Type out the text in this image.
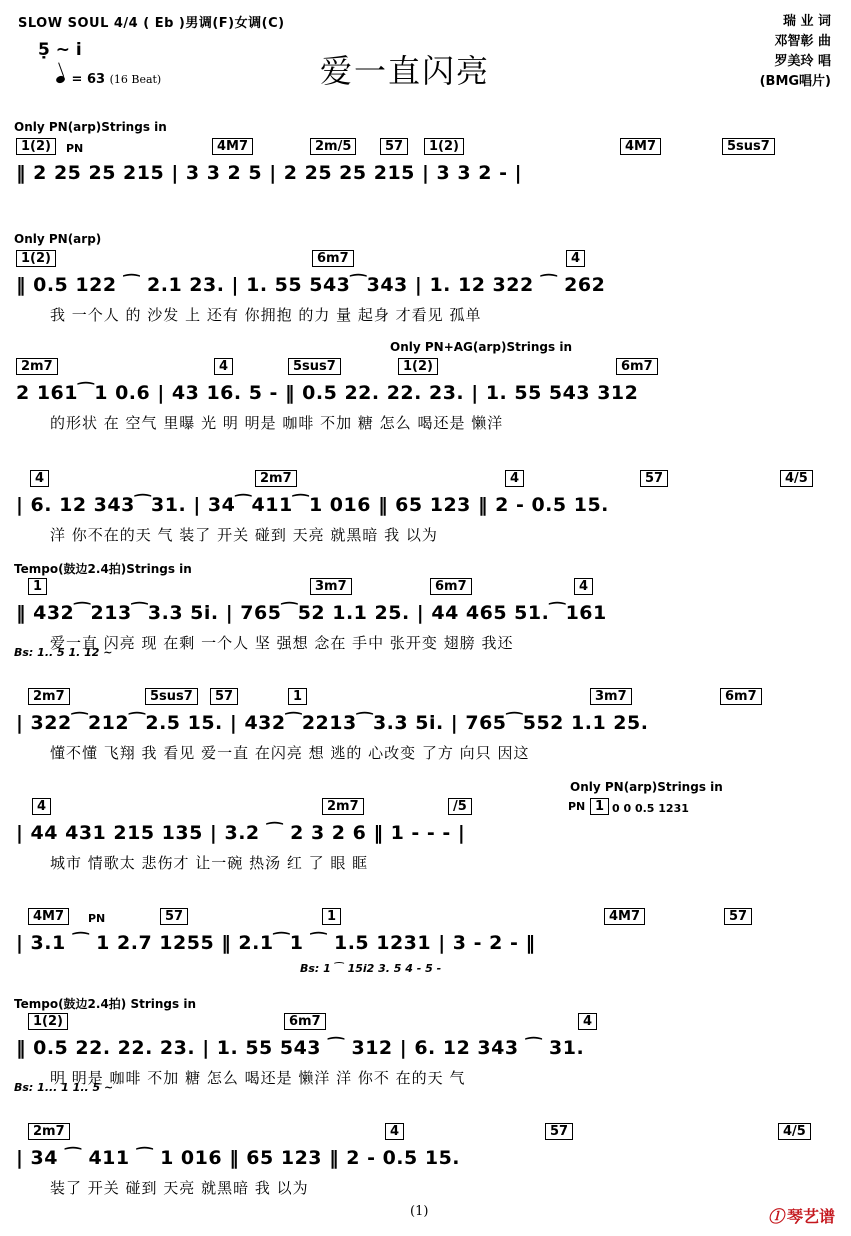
SLOW SOUL 4/4 ( Eb )男调(F)女调(C)
5̣ ~ i
= 63 (16 Beat)	爱一直闪亮
瑞 业 词
邓智彰 曲
罗美玲 唱
(BMG唱片)
Only PN(arp)Strings in
PN
1(2)	4M7	2m/5	57	1(2)	4M7	5sus7
‖ 2 25 25 215 | 3 3 2 5 | 2 25 25 215 | 3 3 2 - |
Only PN(arp)
1(2)	6m7	4
‖ 0.5 122 ⁀ 2.1 23. | 1. 55 543⁀343 | 1. 12 322 ⁀ 262
我 一个人 的 沙发 上 还有 你拥抱 的力 量 起身 才看见 孤单
Only PN+AG(arp)Strings in
2m7	4	5sus7	1(2)	6m7
2 161⁀1 0.6 | 43 16. 5 - ‖ 0.5 22. 22. 23. | 1. 55 543 312
的形状 在 空气 里曝 光 明 明是 咖啡 不加 糖 怎么 喝还是 懒洋
4	2m7	4	57	4/5
| 6. 12 343⁀31. | 34⁀411⁀1 016 ‖ 65 123 ‖ 2 - 0.5 15.
洋 你不在的天 气 装了 开关 碰到 天亮 就黑暗 我 以为
Tempo(鼓边2.4拍)Strings in
1	3m7	6m7	4
‖ 432⁀213⁀3.3 5i. | 765⁀52 1.1 25. | 44 465 51.⁀161
Bs: 1.. 5 1. 12 ~
爱一直 闪亮 现 在剩 一个人 坚 强想 念在 手中 张开变 翅膀 我还
2m7	5sus7	57	1	3m7	6m7
| 322⁀212⁀2.5 15. | 432⁀2213⁀3.3 5i. | 765⁀552 1.1 25.
懂不懂 飞翔 我 看见 爱一直 在闪亮 想 逃的 心改变 了方 向只 因这
Only PN(arp)Strings in
PN
4	2m7	/5	1
| 44 431 215 135 | 3.2 ⁀ 2 3 2 6 ‖ 1 - - - |
0 0 0.5 1231
城市 情歌太 悲伤才 让一碗 热汤 红 了 眼 眶
PN
4M7	57	1	4M7	57
| 3.1 ⁀ 1 2.7 1255 ‖ 2.1⁀1 ⁀ 1.5 1231 | 3 - 2 - ‖
Bs: 1 ⁀ 15i2 3. 5 4 - 5 -
Tempo(鼓边2.4拍) Strings in
1(2)	6m7	4
‖ 0.5 22. 22. 23. | 1. 55 543 ⁀ 312 | 6. 12 343 ⁀ 31.
Bs: 1... 1 1.. 5 ~
明 明是 咖啡 不加 糖 怎么 喝还是 懒洋 洋 你不 在的天 气
2m7	4	57	4/5
| 34 ⁀ 411 ⁀ 1 016 ‖ 65 123 ‖ 2 - 0.5 15.
装了 开关 碰到 天亮 就黑暗 我 以为
(1)	ⓛ 琴艺谱
